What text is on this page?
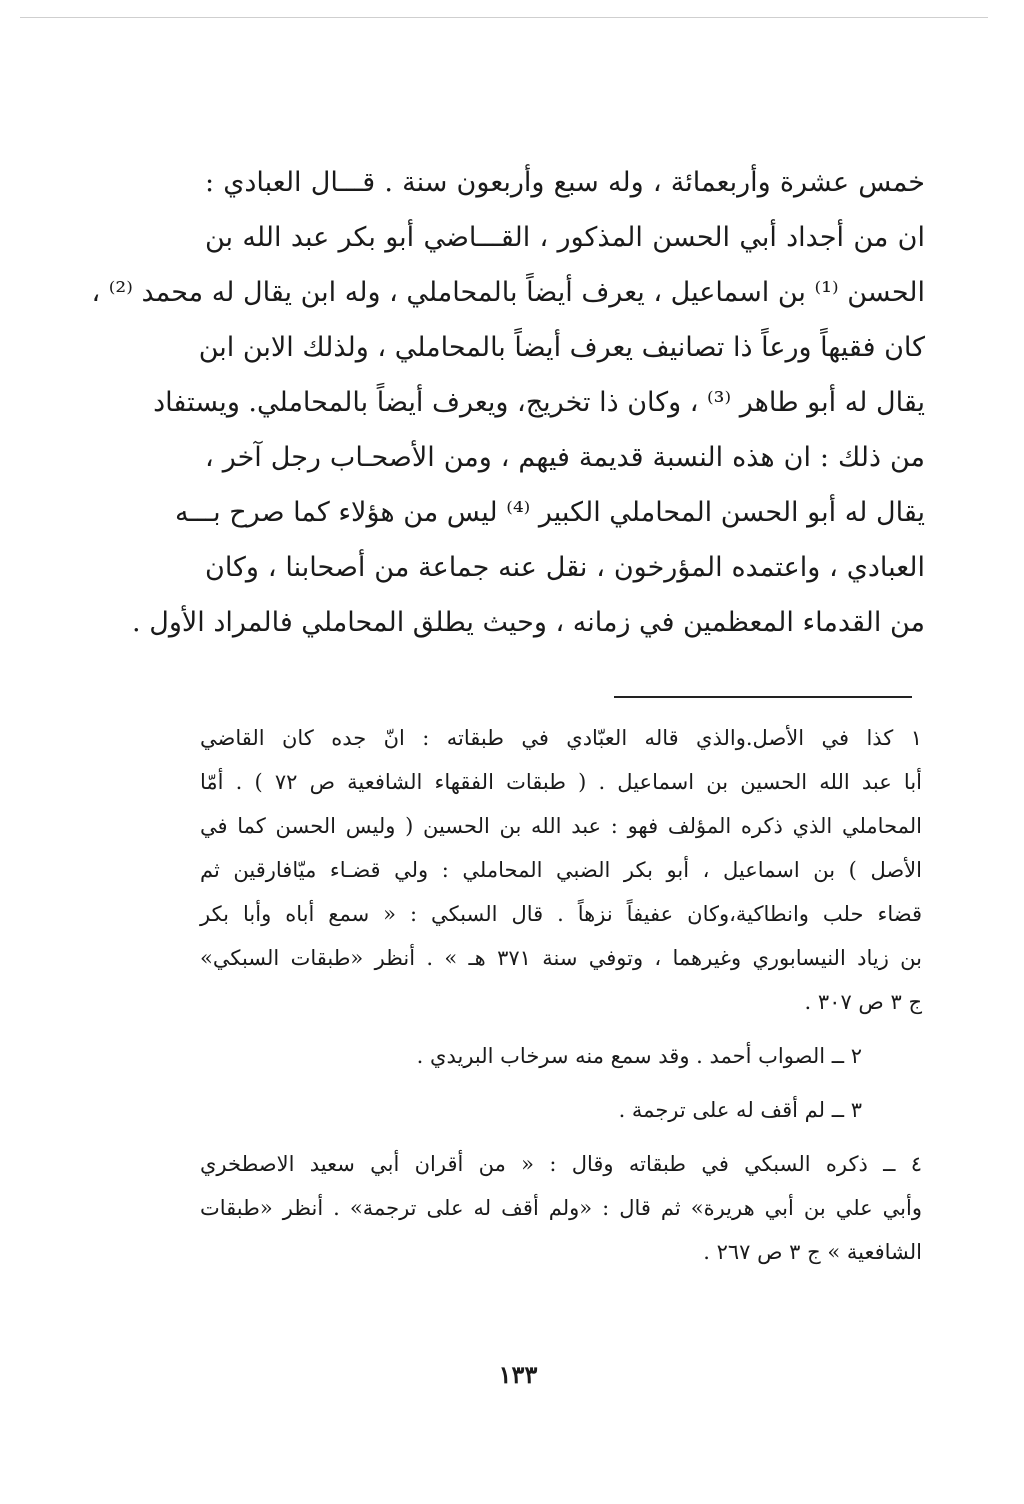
خمس عشرة وأربعمائة ، وله سبع وأربعون سنة . قـــال العبادي :
ان من أجداد أبي الحسن المذكور ، القـــاضي أبو بكر عبد الله بن
الحسن ⁽¹⁾ بن اسماعيل ، يعرف أيضاً بالمحاملي ، وله ابن يقال له محمد ⁽²⁾ ،
كان فقيهاً ورعاً ذا تصانيف يعرف أيضاً بالمحاملي ، ولذلك الابن ابن
يقال له أبو طاهر ⁽³⁾ ، وكان ذا تخريج، ويعرف أيضاً بالمحاملي. ويستفاد
من ذلك : ان هذه النسبة قديمة فيهم ، ومن الأصحـاب رجل آخر ،
يقال له أبو الحسن المحاملي الكبير ⁽⁴⁾ ليس من هؤلاء كما صرح بـــه
العبادي ، واعتمده المؤرخون ، نقل عنه جماعة من أصحابنا ، وكان
من القدماء المعظمين في زمانه ، وحيث يطلق المحاملي فالمراد الأول .
١ كذا في الأصل.والذي قاله العبّادي في طبقاته : انّ جده كان القاضي
أبا عبد الله الحسين بن اسماعيل . ( طبقات الفقهاء الشافعية ص ٧٢ ) . أمّا
المحاملي الذي ذكره المؤلف فهو : عبد الله بن الحسين ( وليس الحسن كما في
الأصل ) بن اسماعيل ، أبو بكر الضبي المحاملي : ولي قضـاء ميّافارقين ثم
قضاء حلب وانطاكية،وكان عفيفاً نزهاً . قال السبكي : « سمع أباه وأبا بكر
بن زياد النيسابوري وغيرهما ، وتوفي سنة ٣٧١ هـ » . أنظر «طبقات السبكي»
ج ٣ ص ٣٠٧ .
٢ ــ الصواب أحمد . وقد سمع منه سرخاب البريدي .
٣ ــ لم أقف له على ترجمة .
٤ ــ ذكره السبكي في طبقاته وقال : « من أقران أبي سعيد الاصطخري
وأبي علي بن أبي هريرة» ثم قال : «ولم أقف له على ترجمة» . أنظر «طبقات
الشافعية » ج ٣ ص ٢٦٧ .
١٣٣
